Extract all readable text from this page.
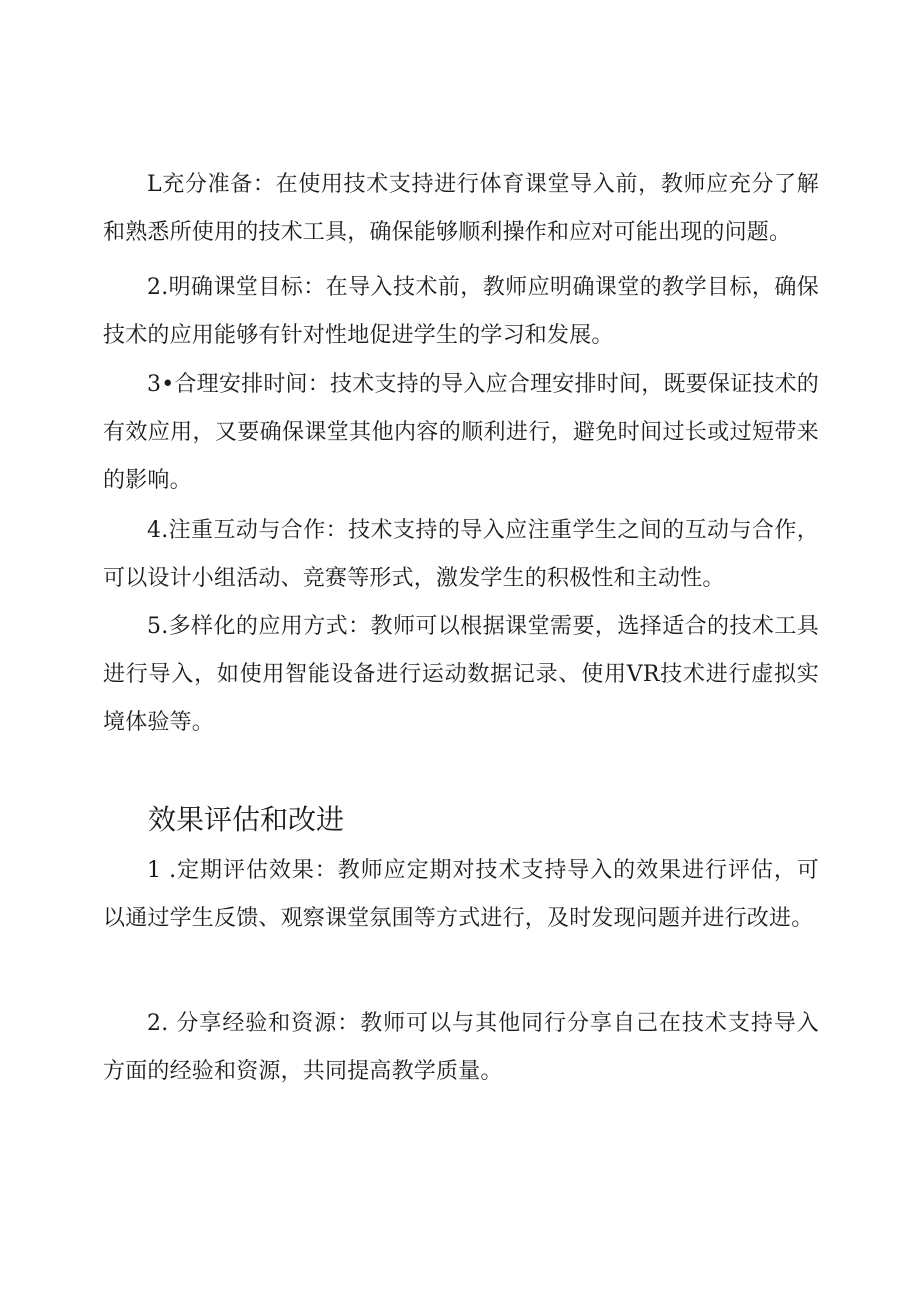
L充分准备：在使用技术支持进行体育课堂导入前，教师应充分了解和熟悉所使用的技术工具，确保能够顺利操作和应对可能出现的问题。

2.明确课堂目标：在导入技术前，教师应明确课堂的教学目标，确保技术的应用能够有针对性地促进学生的学习和发展。

3•合理安排时间：技术支持的导入应合理安排时间，既要保证技术的有效应用，又要确保课堂其他内容的顺利进行，避免时间过长或过短带来的影响。

4.注重互动与合作：技术支持的导入应注重学生之间的互动与合作，可以设计小组活动、竞赛等形式，激发学生的积极性和主动性。

5.多样化的应用方式：教师可以根据课堂需要，选择适合的技术工具进行导入，如使用智能设备进行运动数据记录、使用VR技术进行虚拟实境体验等。

效果评估和改进

1 .定期评估效果：教师应定期对技术支持导入的效果进行评估，可以通过学生反馈、观察课堂氛围等方式进行，及时发现问题并进行改进。

2. 分享经验和资源：教师可以与其他同行分享自己在技术支持导入方面的经验和资源，共同提高教学质量。
